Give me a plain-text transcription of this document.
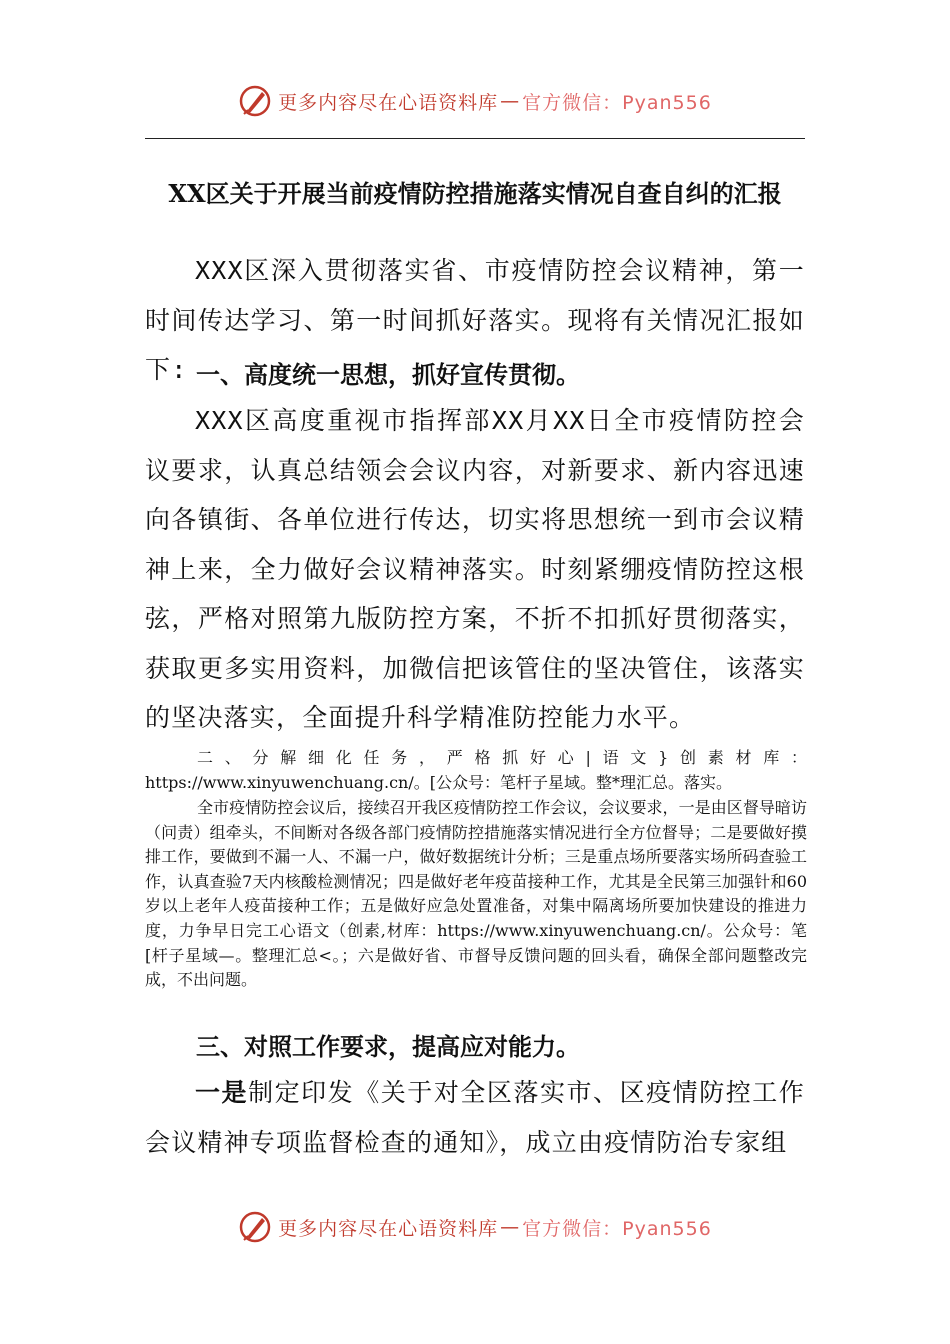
更多内容尽在心语资料库 — 官方微信：Pyan556
XX区关于开展当前疫情防控措施落实情况自查自纠的汇报
XXX区深入贯彻落实省、市疫情防控会议精神，第一时间传达学习、第一时间抓好落实。现将有关情况汇报如下: 一、高度统一思想，抓好宣传贯彻。
XXX区高度重视市指挥部XX月XX日全市疫情防控会议要求，认真总结领会会议内容，对新要求、新内容迅速向各镇街、各单位进行传达，切实将思想统一到市会议精神上来，全力做好会议精神落实。时刻紧绷疫情防控这根弦，严格对照第九版防控方案，不折不扣抓好贯彻落实，获取更多实用资料，加微信把该管住的坚决管住，该落实的坚决落实，全面提升科学精准防控能力水平。
二、分解细化任务，严格抓好心|语文}创素材库：https://www.xinyuwenchuang.cn/。[公众号：笔杆子星域。整*理汇总。落实。
全市疫情防控会议后，接续召开我区疫情防控工作会议，会议要求，一是由区督导暗访（问责）组牵头，不间断对各级各部门疫情防控措施落实情况进行全方位督导；二是要做好摸排工作，要做到不漏一人、不漏一户，做好数据统计分析；三是重点场所要落实场所码查验工作，认真查验7天内核酸检测情况；四是做好老年疫苗接种工作，尤其是全民第三加强针和60岁以上老年人疫苗接种工作；五是做好应急处置准备，对集中隔离场所要加快建设的推进力度，力争早日完工心语文（创素,材库：https://www.xinyuwenchuang.cn/。公众号：笔[杆子星域—。整理汇总<。；六是做好省、市督导反馈问题的回头看，确保全部问题整改完成，不出问题。
三、对照工作要求，提高应对能力。
一是制定印发《关于对全区落实市、区疫情防控工作会议精神专项监督检查的通知》，成立由疫情防治专家组
更多内容尽在心语资料库 — 官方微信：Pyan556
